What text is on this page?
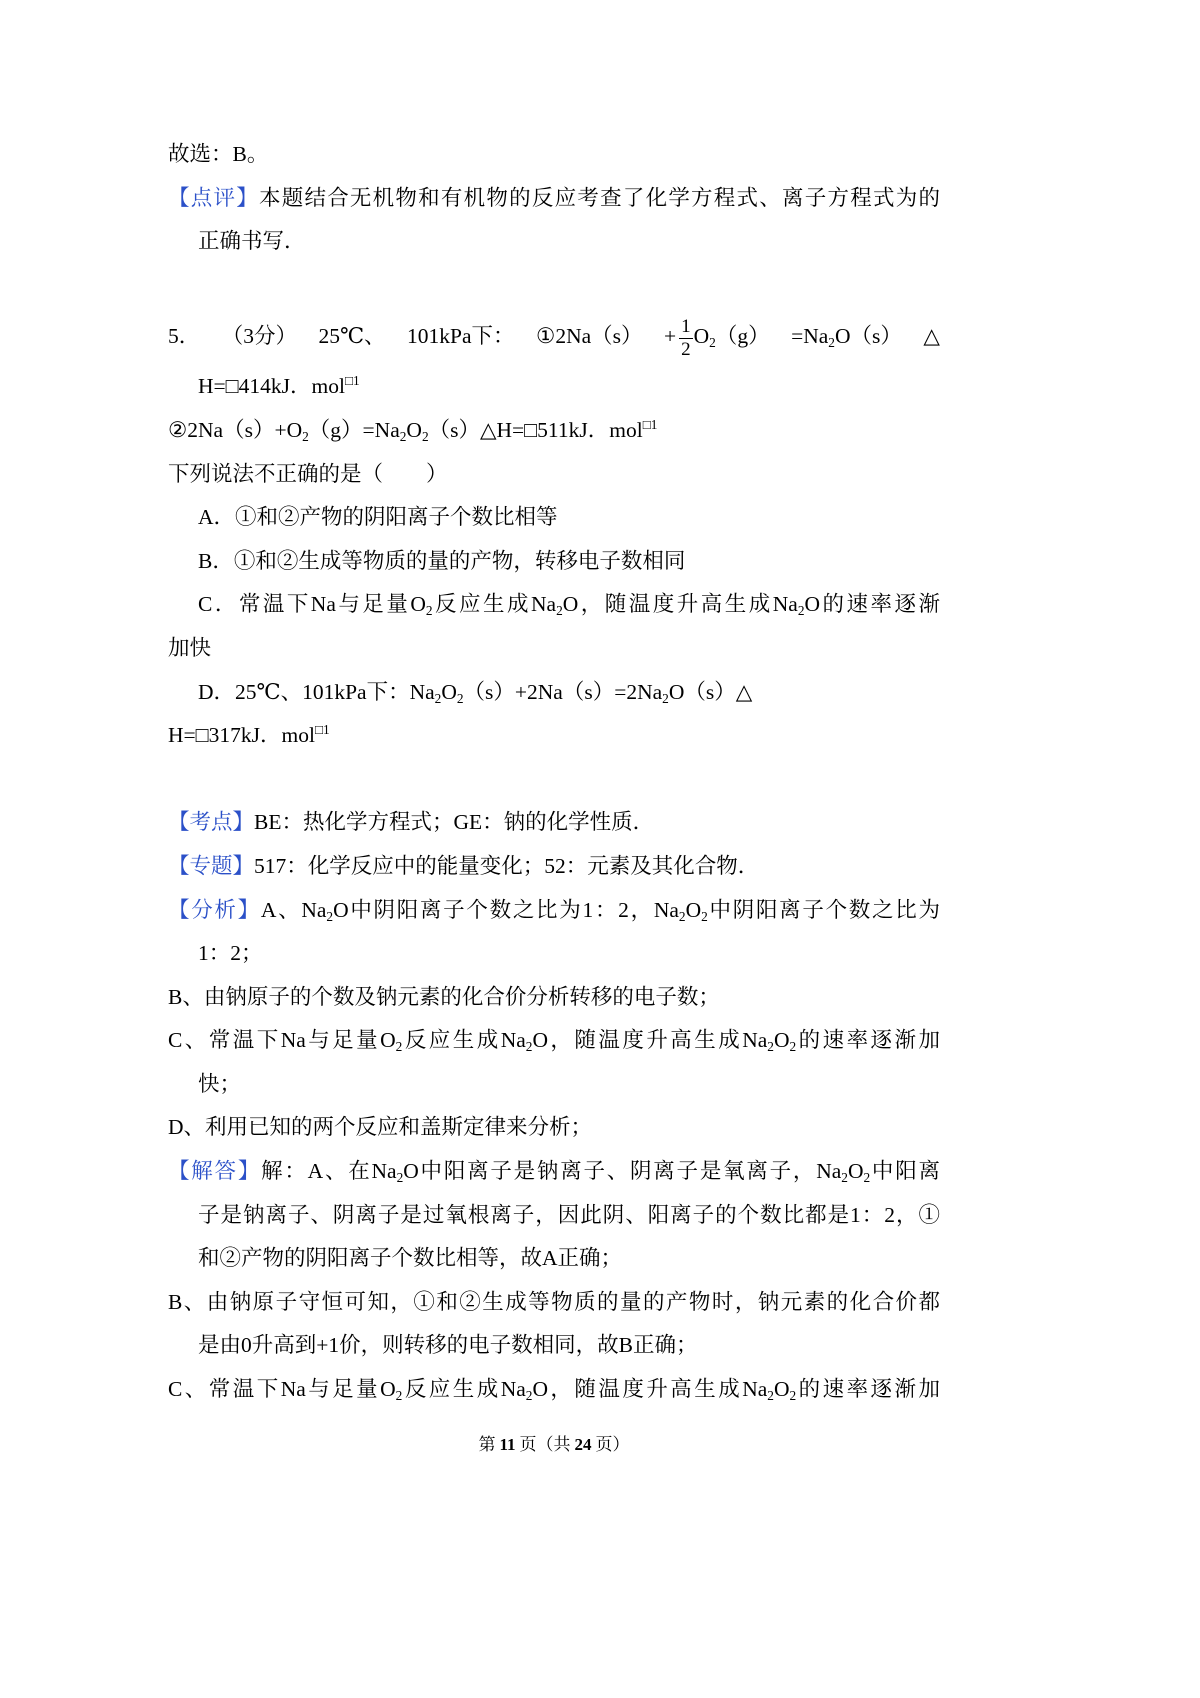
故选：B。
【点评】本题结合无机物和有机物的反应考查了化学方程式、离子方程式为的
正确书写．
5． （3分） 25℃、 101kPa下： ①2Na（s） + $\frac{1}{2} O_2(g) =Na_2O(s)$ △
H=□414kJ．mol$^{□1}$
$②2Na(s)+O_2(g)=Na_2O_2(s)\triangle H=□511kJ$．mol$^{□1}$
下列说法不正确的是（　　）
A．①和②产物的阴阳离子个数比相等
B．①和②生成等物质的量的产物，转移电子数相同
C．常温下Na与足量$O_2$反应生成$Na_2O$，随温度升高生成$Na_2O$的速率逐渐
加快
D．25℃、101kPa下：$Na_2O_2(s)+2Na(s)=2Na_2O(s)\triangle$
H=□317kJ．mol$^{□1}$
【考点】BE：热化学方程式；GE：钠的化学性质．
【专题】517：化学反应中的能量变化；52：元素及其化合物．
【分析】A、$Na_2O$中阴阳离子个数之比为1：2，$Na_2O_2$中阴阳离子个数之比为
1：2；
B、由钠原子的个数及钠元素的化合价分析转移的电子数；
C、常温下Na与足量$O_2$反应生成$Na_2O$，随温度升高生成$Na_2O_2$的速率逐渐加
快；
D、利用已知的两个反应和盖斯定律来分析；
【解答】解：A、在$Na_2O$中阳离子是钠离子、阴离子是氧离子，$Na_2O_2$中阳离
子是钠离子、阴离子是过氧根离子，因此阴、阳离子的个数比都是1：2，①
和②产物的阴阳离子个数比相等，故A正确；
B、由钠原子守恒可知，①和②生成等物质的量的产物时，钠元素的化合价都
是由0升高到+1价，则转移的电子数相同，故B正确；
C、常温下Na与足量$O_2$反应生成$Na_2O$，随温度升高生成$Na_2O_2$的速率逐渐加
第 11 页（共 24 页）
